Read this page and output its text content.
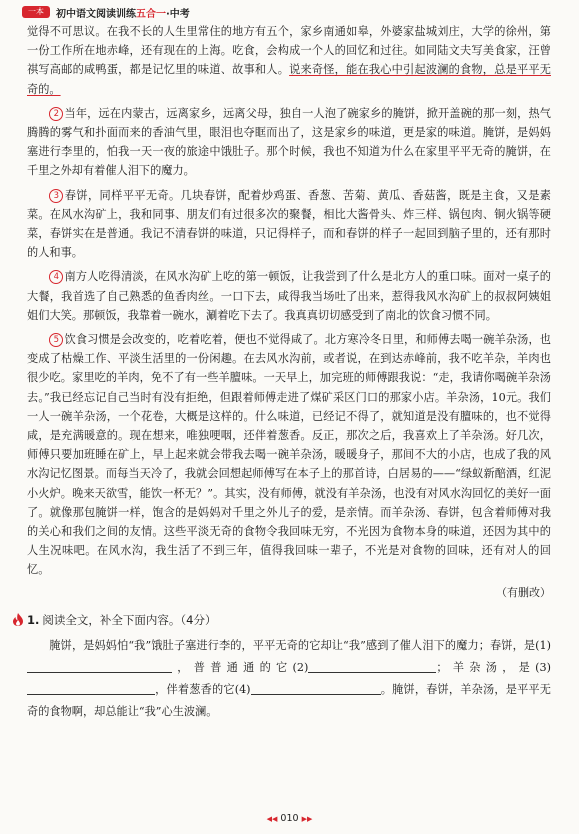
一本	初中语文阅读训练五合一·中考

觉得不可思议。在我不长的人生里常住的地方有五个，家乡南通如皋，外婆家盐城刘庄，大学的徐州，第一份工作所在地赤峰，还有现在的上海。吃食，会构成一个人的回忆和过往。如同陆文夫写美食家，汪曾祺写高邮的咸鸭蛋，都是记忆里的味道、故事和人。说来奇怪，能在我心中引起波澜的食物，总是平平无奇的。

2 当年，远在内蒙古，远离家乡，远离父母，独自一人泡了碗家乡的腌饼，掀开盖碗的那一刻，热气腾腾的雾气和扑面而来的香油气里，眼泪也夺眶而出了，这是家乡的味道，更是家的味道。腌饼，是妈妈塞进行李里的，怕我一天一夜的旅途中饿肚子。那个时候，我也不知道为什么在家里平平无奇的腌饼，在千里之外却有着催人泪下的魔力。

3 春饼，同样平平无奇。几块春饼，配着炒鸡蛋、香葱、苦菊、黄瓜、香菇酱，既是主食，又是素菜。在风水沟矿上，我和同事、朋友们有过很多次的聚餐，相比大酱骨头、炸三样、锅包肉、铜火锅等硬菜，春饼实在是普通。我记不清春饼的味道，只记得样子，而和春饼的样子一起回到脑子里的，还有那时的人和事。

4 南方人吃得清淡，在风水沟矿上吃的第一顿饭，让我尝到了什么是北方人的重口味。面对一桌子的大餐，我首选了自己熟悉的鱼香肉丝。一口下去，咸得我当场吐了出来，惹得我风水沟矿上的叔叔阿姨姐姐们大笑。那顿饭，我靠着一碗水，涮着吃下去了。我真真切切感受到了南北的饮食习惯不同。

5 饮食习惯是会改变的，吃着吃着，便也不觉得咸了。北方寒冷冬日里，和师傅去喝一碗羊杂汤，也变成了枯燥工作、平淡生活里的一份闲趣。在去风水沟前，或者说，在到达赤峰前，我不吃羊杂，羊肉也很少吃。家里吃的羊肉，免不了有一些羊膻味。一天早上，加完班的师傅跟我说：“走，我请你喝碗羊杂汤去。”我已经忘记自己当时有没有拒绝，但跟着师傅走进了煤矿采区门口的那家小店。羊杂汤，10元。我们一人一碗羊杂汤，一个花卷，大概是这样的。什么味道，已经记不得了，就知道是没有膻味的，也不觉得咸，是充满暖意的。现在想来，唯独哽咽，还伴着葱香。反正，那次之后，我喜欢上了羊杂汤。好几次，师傅只要加班睡在矿上，早上起来就会带我去喝一碗羊杂汤，暖暖身子，那间不大的小店，也成了我的风水沟记忆图景。而每当天冷了，我就会回想起师傅写在本子上的那首诗，白居易的——“绿蚁新醅酒，红泥小火炉。晚来天欲雪，能饮一杯无？”。其实，没有师傅，就没有羊杂汤，也没有对风水沟回忆的美好一面了。就像那包腌饼一样，饱含的是妈妈对千里之外儿子的爱，是亲情。而羊杂汤、春饼，包含着师傅对我的关心和我们之间的友情。这些平淡无奇的食物令我回味无穷，不光因为食物本身的味道，还因为其中的人生况味吧。在风水沟，我生活了不到三年，值得我回味一辈子，不光是对食物的回味，还有对人的回忆。

（有删改）
1. 阅读全文，补全下面内容。（4分）
腌饼，是妈妈怕“我”饿肚子塞进行李的，平平无奇的它却让“我”感到了催人泪下的魔力；春饼，是(1)，普普通通的它(2)	；羊杂汤，是(3)，伴着葱香的它(4)	。腌饼，春饼，羊杂汤，是平平无奇的食物啊，却总能让“我”心生波澜。
◀◀ 010 ▶▶
